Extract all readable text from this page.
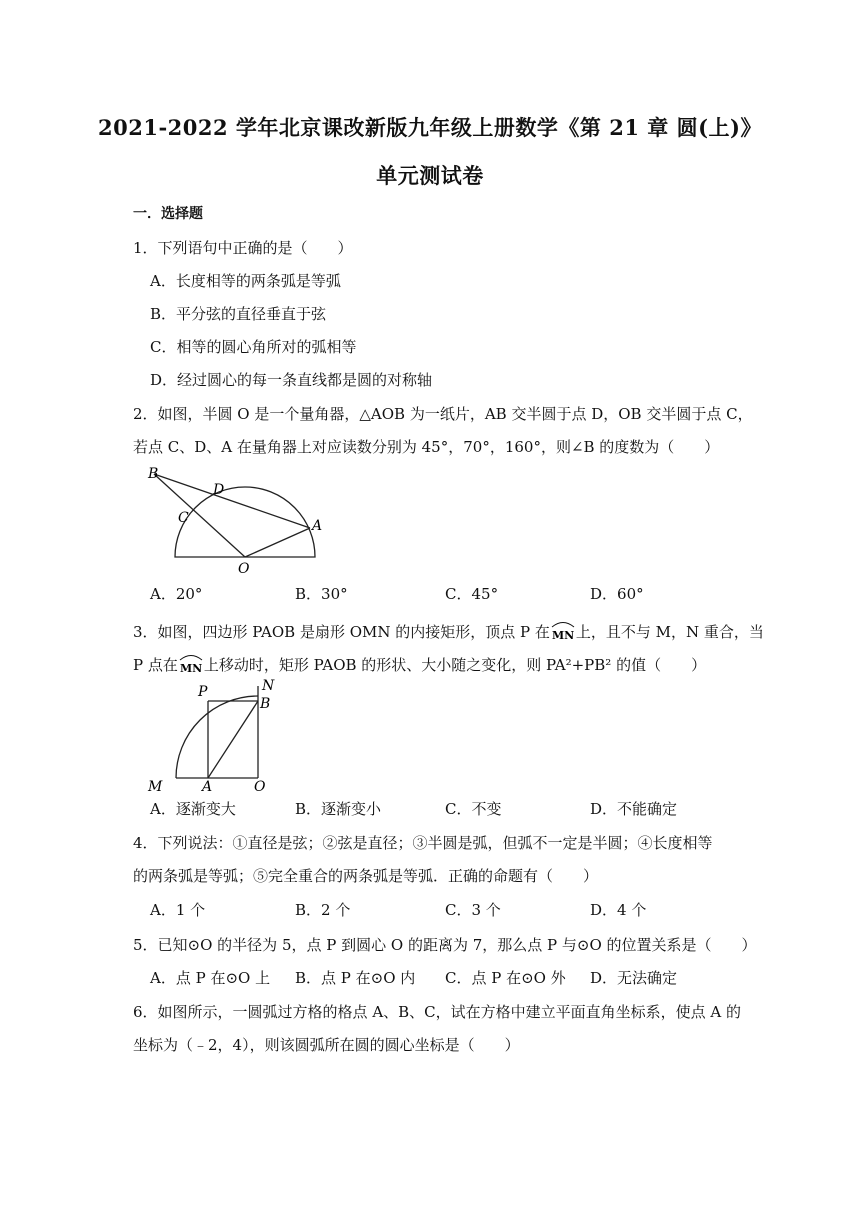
2021-2022 学年北京课改新版九年级上册数学《第 21 章 圆(上)》
单元测试卷
一．选择题
1．下列语句中正确的是（　　）
A．长度相等的两条弧是等弧
B．平分弦的直径垂直于弦
C．相等的圆心角所对的弧相等
D．经过圆心的每一条直线都是圆的对称轴
2．如图，半圆 O 是一个量角器，△AOB 为一纸片，AB 交半圆于点 D，OB 交半圆于点 C，
若点 C、D、A 在量角器上对应读数分别为 45°，70°，160°，则∠B 的度数为（　　）
B
D
C	A
O
A．20°	B．30°	C．45°	D．60°
3．如图，四边形 PAOB 是扇形 OMN 的内接矩形，顶点 P 在 MN 上，且不与 M，N 重合，当
P 点在 MN 上移动时，矩形 PAOB 的形状、大小随之变化，则 PA²+PB² 的值（　　）
P	N
B
M	A	O
A．逐渐变大	B．逐渐变小	C．不变	D．不能确定
4．下列说法：①直径是弦；②弦是直径；③半圆是弧，但弧不一定是半圆；④长度相等
的两条弧是等弧；⑤完全重合的两条弧是等弧．正确的命题有（　　）
A．1 个	B．2 个	C．3 个	D．4 个
5．已知⊙O 的半径为 5，点 P 到圆心 O 的距离为 7，那么点 P 与⊙O 的位置关系是（　　）
A．点 P 在⊙O 上 B．点 P 在⊙O 内 C．点 P 在⊙O 外 D．无法确定
6．如图所示，一圆弧过方格的格点 A、B、C，试在方格中建立平面直角坐标系，使点 A 的
坐标为（﹣2，4），则该圆弧所在圆的圆心坐标是（　　）
